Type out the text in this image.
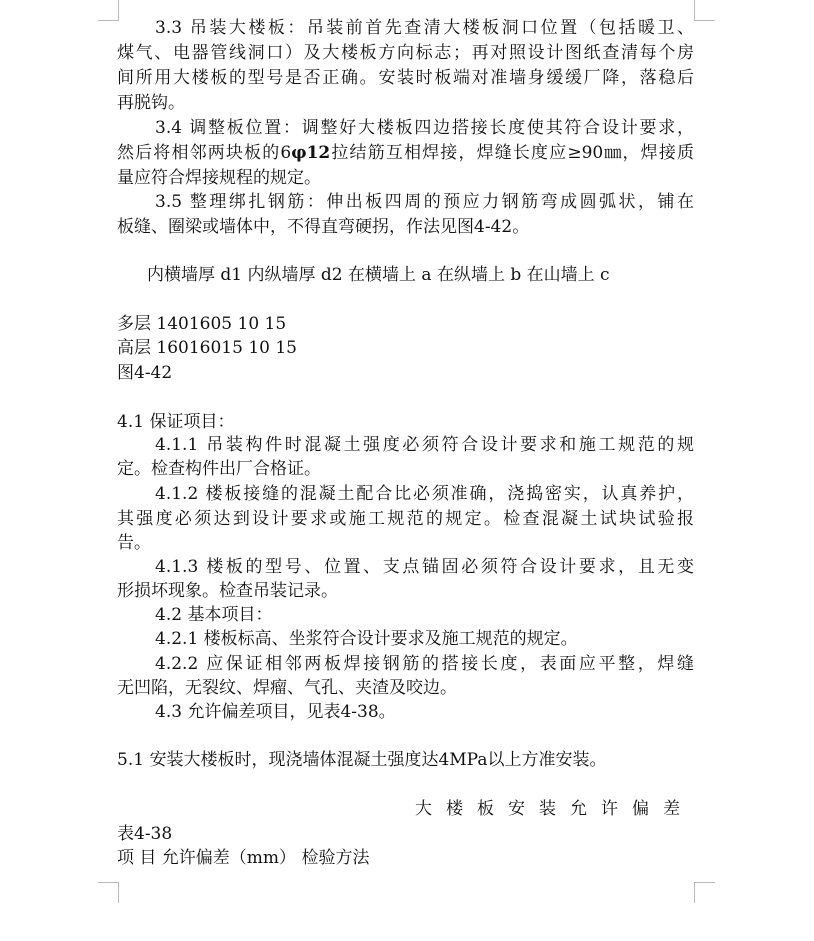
3.3 吊装大楼板：吊装前首先查清大楼板洞口位置（包括暖卫、
煤气、电器管线洞口）及大楼板方向标志；再对照设计图纸查清每个房
间所用大楼板的型号是否正确。安装时板端对准墙身缓缓厂降，落稳后
再脱钩。
3.4 调整板位置：调整好大楼板四边搭接长度使其符合设计要求，
然后将相邻两块板的6φ12拉结筋互相焊接，焊缝长度应≥90㎜，焊接质
量应符合焊接规程的规定。
3.5 整理绑扎钢筋：伸出板四周的预应力钢筋弯成圆弧状，铺在
板缝、圈梁或墙体中，不得直弯硬拐，作法见图4-42。
内横墙厚 d1 内纵墙厚 d2 在横墙上 a 在纵墙上 b 在山墙上 c
多层 1401605 10 15
高层 16016015 10 15
图4-42
4.1 保证项目：
4.1.1 吊装构件时混凝土强度必须符合设计要求和施工规范的规
定。检查构件出厂合格证。
4.1.2 楼板接缝的混凝土配合比必须准确，浇捣密实，认真养护，
其强度必须达到设计要求或施工规范的规定。检查混凝土试块试验报
告。
4.1.3 楼板的型号、位置、支点锚固必须符合设计要求，且无变
形损坏现象。检查吊装记录。
4.2 基本项目：
4.2.1 楼板标高、坐浆符合设计要求及施工规范的规定。
4.2.2 应保证相邻两板焊接钢筋的搭接长度，表面应平整，焊缝
无凹陷，无裂纹、焊瘤、气孔、夹渣及咬边。
4.3 允许偏差项目，见表4-38。
5.1 安装大楼板时，现浇墙体混凝土强度达4MPa以上方准安装。
大楼板安装允许偏差
表4-38
项 目 允许偏差（mm） 检验方法
